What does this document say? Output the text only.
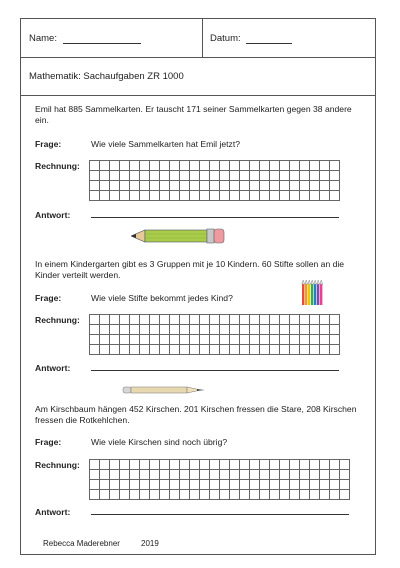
Name:	Datum:
Mathematik: Sachaufgaben ZR 1000
Emil hat 885 Sammelkarten. Er tauscht 171 seiner Sammelkarten gegen 38 andere ein.
Frage:	Wie viele Sammelkarten hat Emil jetzt?
Rechnung:
Antwort:
In einem Kindergarten gibt es 3 Gruppen mit je 10 Kindern. 60 Stifte sollen an die Kinder verteilt werden.
Frage:	Wie viele Stifte bekommt jedes Kind?
Rechnung:
Antwort:
Am Kirschbaum hängen 452 Kirschen. 201 Kirschen fressen die Stare, 208 Kirschen fressen die Rotkehlchen.
Frage:	Wie viele Kirschen sind noch übrig?
Rechnung:
Antwort:
Rebecca Maderebner	2019
